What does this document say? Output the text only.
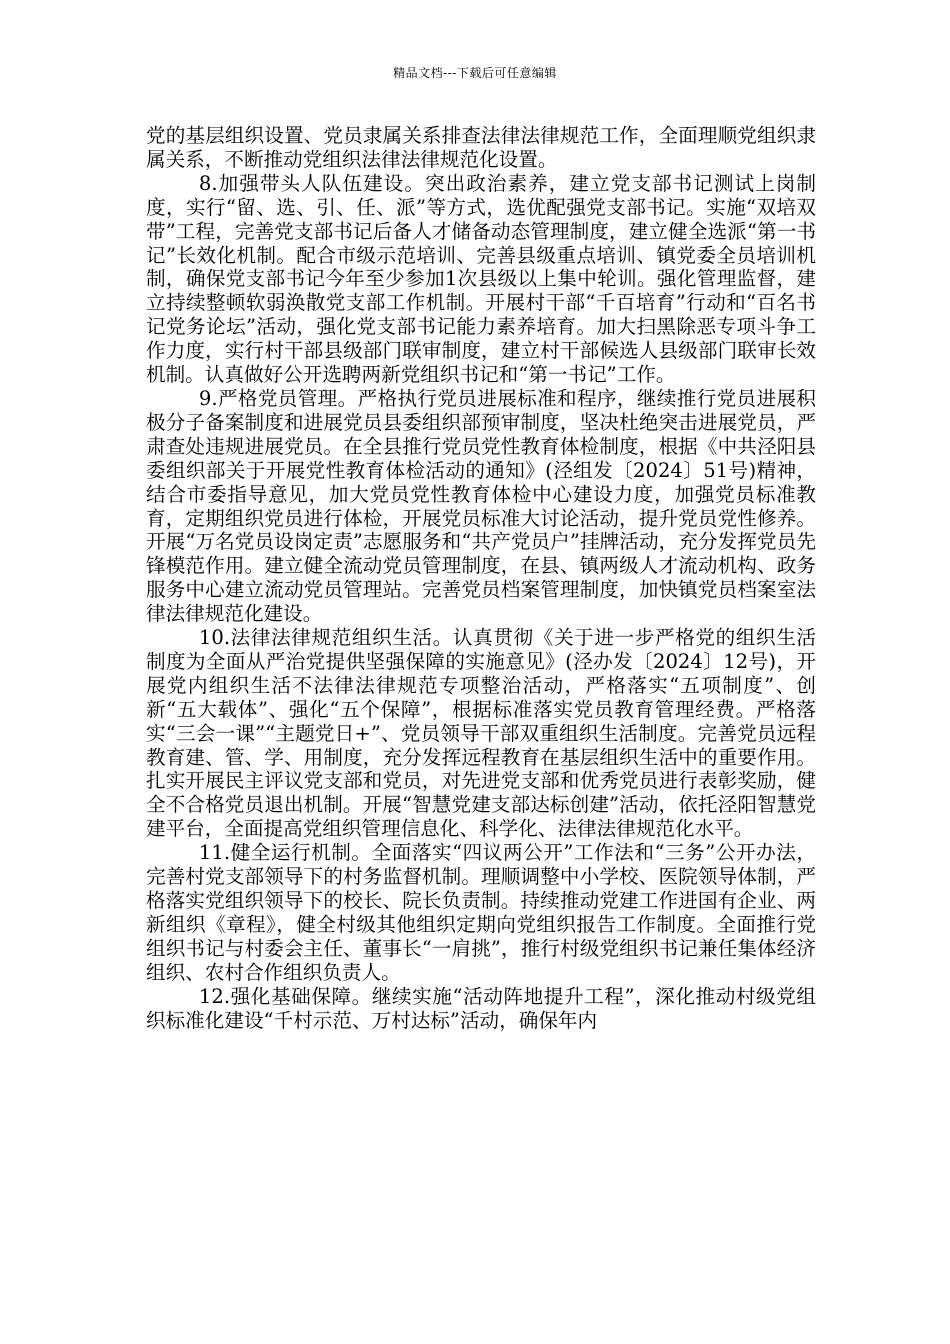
精品文档---下载后可任意编辑

党的基层组织设置、党员隶属关系排查法律法律规范工作，全面理顺党组织隶属关系，不断推动党组织法律法律规范化设置。

8.加强带头人队伍建设。突出政治素养，建立党支部书记测试上岗制度，实行“留、选、引、任、派”等方式，选优配强党支部书记。实施“双培双带”工程，完善党支部书记后备人才储备动态管理制度，建立健全选派“第一书记”长效化机制。配合市级示范培训、完善县级重点培训、镇党委全员培训机制，确保党支部书记今年至少参加1次县级以上集中轮训。强化管理监督，建立持续整顿软弱涣散党支部工作机制。开展村干部“千百培育”行动和“百名书记党务论坛”活动，强化党支部书记能力素养培育。加大扫黑除恶专项斗争工作力度，实行村干部县级部门联审制度，建立村干部候选人县级部门联审长效机制。认真做好公开选聘两新党组织书记和“第一书记”工作。

9.严格党员管理。严格执行党员进展标准和程序，继续推行党员进展积极分子备案制度和进展党员县委组织部预审制度，坚决杜绝突击进展党员，严肃查处违规进展党员。在全县推行党员党性教育体检制度，根据《中共泾阳县委组织部关于开展党性教育体检活动的通知》(泾组发〔2024〕51号)精神，结合市委指导意见，加大党员党性教育体检中心建设力度，加强党员标准教育，定期组织党员进行体检，开展党员标准大讨论活动，提升党员党性修养。开展“万名党员设岗定责”志愿服务和“共产党员户”挂牌活动，充分发挥党员先锋模范作用。建立健全流动党员管理制度，在县、镇两级人才流动机构、政务服务中心建立流动党员管理站。完善党员档案管理制度，加快镇党员档案室法律法律规范化建设。

10.法律法律规范组织生活。认真贯彻《关于进一步严格党的组织生活制度为全面从严治党提供坚强保障的实施意见》(泾办发〔2024〕12号)，开展党内组织生活不法律法律规范专项整治活动，严格落实“五项制度”、创新“五大载体”、强化“五个保障”，根据标准落实党员教育管理经费。严格落实“三会一课”“主题党日+”、党员领导干部双重组织生活制度。完善党员远程教育建、管、学、用制度，充分发挥远程教育在基层组织生活中的重要作用。扎实开展民主评议党支部和党员，对先进党支部和优秀党员进行表彰奖励，健全不合格党员退出机制。开展“智慧党建支部达标创建”活动，依托泾阳智慧党建平台，全面提高党组织管理信息化、科学化、法律法律规范化水平。

11.健全运行机制。全面落实“四议两公开”工作法和“三务”公开办法，完善村党支部领导下的村务监督机制。理顺调整中小学校、医院领导体制，严格落实党组织领导下的校长、院长负责制。持续推动党建工作进国有企业、两新组织《章程》，健全村级其他组织定期向党组织报告工作制度。全面推行党组织书记与村委会主任、董事长“一肩挑”，推行村级党组织书记兼任集体经济组织、农村合作组织负责人。

12.强化基础保障。继续实施“活动阵地提升工程”，深化推动村级党组织标准化建设“千村示范、万村达标”活动，确保年内
